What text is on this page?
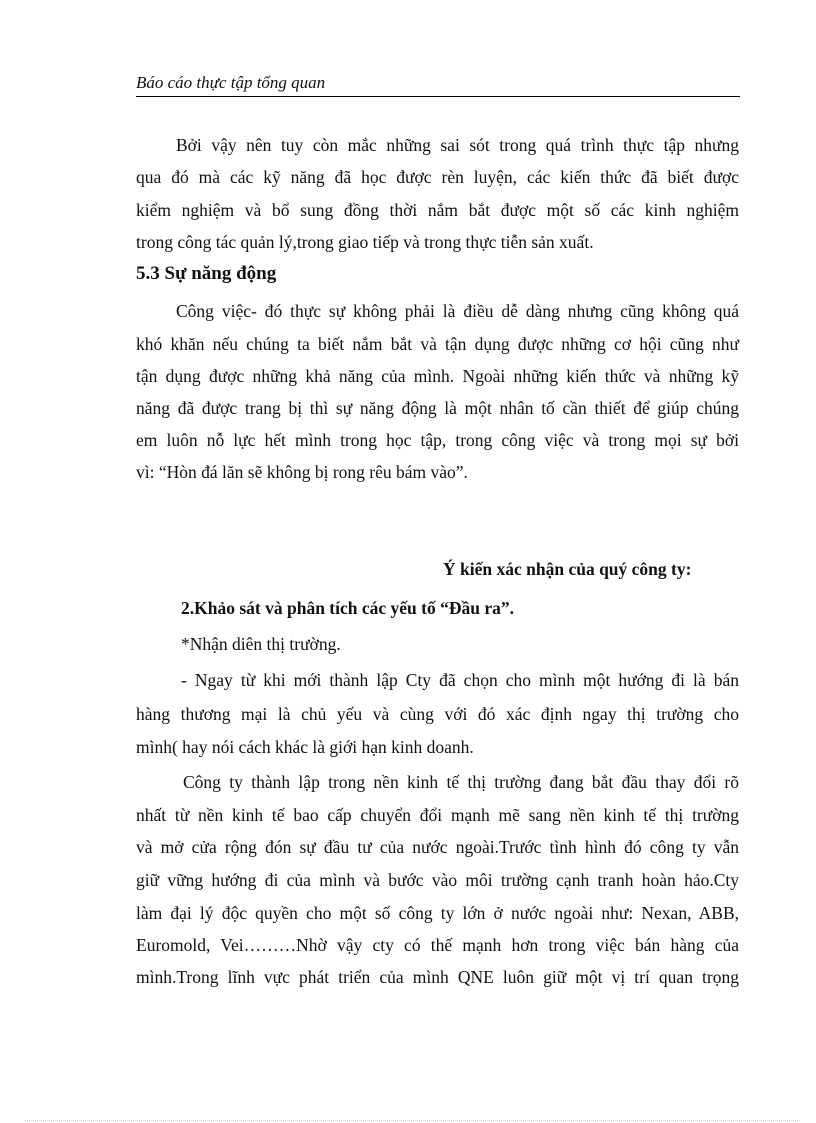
Báo cáo thực tập tổng quan
Bởi vậy nên tuy còn mắc những sai sót trong quá trình thực tập nhưng
qua đó mà các kỹ năng đã học được rèn luyện, các kiến thức đã biết được
kiểm nghiệm và bổ sung đồng thời nắm bắt được một số các kinh nghiệm
trong công tác quản lý,trong giao tiếp và trong thực tiễn sản xuất.
5.3 Sự năng động
Công việc- đó thực sự không phải là điều dễ dàng nhưng cũng không quá
khó khăn nếu chúng ta biết nắm bắt và tận dụng được những cơ hội cũng như
tận dụng được những khả năng của mình. Ngoài những kiến thức và những kỹ
năng đã được trang bị thì sự năng động là một nhân tố cần thiết để giúp chúng
em luôn nỗ lực hết mình trong học tập, trong công việc và trong mọi sự bởi
vì: “Hòn đá lăn sẽ không bị rong rêu bám vào”.
Ý kiến xác nhận của quý công ty:
2.Khảo sát và phân tích các yếu tố “Đầu ra”.
*Nhận diên thị trường.
- Ngay từ khi mới thành lập Cty đã chọn cho mình một hướng đi là bán
hàng thương mại là chủ yếu và cùng với đó xác định ngay thị trường cho
mình( hay nói cách khác là giới hạn kinh doanh.
Công ty thành lập trong nền kinh tế thị trường đang bắt đầu thay đổi rõ
nhất từ nền kinh tế bao cấp chuyển đổi mạnh mẽ sang nền kinh tế thị trường
và mở cửa rộng đón sự đầu tư của nước ngoài.Trước tình hình đó công ty vẫn
giữ vững hướng đi của mình và bước vào môi trường cạnh tranh hoàn hảo.Cty
làm đại lý độc quyền cho một số công ty lớn ở nước ngoài như: Nexan, ABB,
Euromold, Vei………Nhờ vậy cty có thế mạnh hơn trong việc bán hàng của
mình.Trong lĩnh vực phát triển của mình QNE luôn giữ một vị trí quan trọng
